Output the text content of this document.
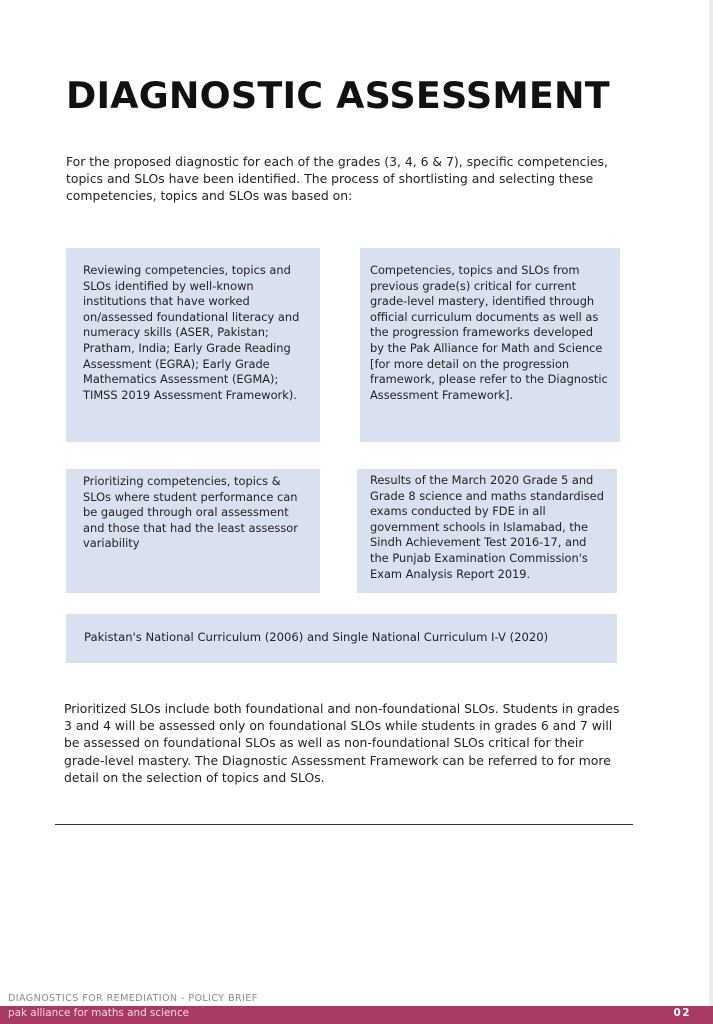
DIAGNOSTIC ASSESSMENT

For the proposed diagnostic for each of the grades (3, 4, 6 & 7), specific competencies, topics and SLOs have been identified. The process of shortlisting and selecting these competencies, topics and SLOs was based on:

Reviewing competencies, topics and SLOs identified by well-known institutions that have worked on/assessed foundational literacy and numeracy skills (ASER, Pakistan; Pratham, India; Early Grade Reading Assessment (EGRA); Early Grade Mathematics Assessment (EGMA); TIMSS 2019 Assessment Framework).

Competencies, topics and SLOs from previous grade(s) critical for current grade-level mastery, identified through official curriculum documents as well as the progression frameworks developed by the Pak Alliance for Math and Science [for more detail on the progression framework, please refer to the Diagnostic Assessment Framework].

Prioritizing competencies, topics & SLOs where student performance can be gauged through oral assessment and those that had the least assessor variability

Results of the March 2020 Grade 5 and Grade 8 science and maths standardised exams conducted by FDE in all government schools in Islamabad, the Sindh Achievement Test 2016-17, and the Punjab Examination Commission's Exam Analysis Report 2019.

Pakistan's National Curriculum (2006) and Single National Curriculum I-V (2020)

Prioritized SLOs include both foundational and non-foundational SLOs. Students in grades 3 and 4 will be assessed only on foundational SLOs while students in grades 6 and 7 will be assessed on foundational SLOs as well as non-foundational SLOs critical for their grade-level mastery. The Diagnostic Assessment Framework can be referred to for more detail on the selection of topics and SLOs.

DIAGNOSTICS FOR REMEDIATION - POLICY BRIEF
pak alliance for maths and science	02
